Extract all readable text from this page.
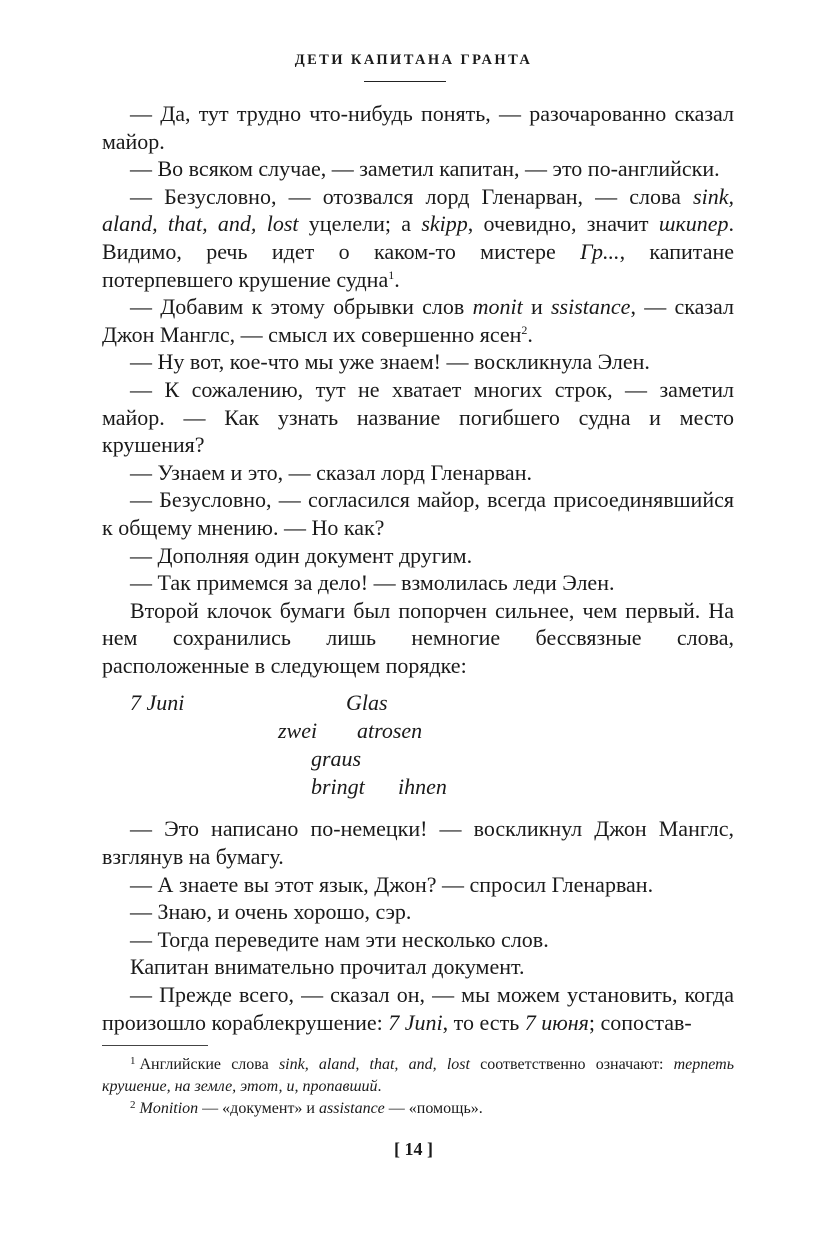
ДЕТИ КАПИТАНА ГРАНТА

— Да, тут трудно что-нибудь понять, — разочарованно сказал майор.

— Во всяком случае, — заметил капитан, — это по-английски.

— Безусловно, — отозвался лорд Гленарван, — слова sink, aland, that, and, lost уцелели; а skipp, очевидно, значит шкипер. Видимо, речь идет о каком-то мистере Гр..., капитане потерпевшего крушение судна$^1$.

— Добавим к этому обрывки слов monit и ssistance, — сказал Джон Манглс, — смысл их совершенно ясен$^2$.

— Ну вот, кое-что мы уже знаем! — воскликнула Элен.

— К сожалению, тут не хватает многих строк, — заметил майор. — Как узнать название погибшего судна и место крушения?

— Узнаем и это, — сказал лорд Гленарван.

— Безусловно, — согласился майор, всегда присоединявшийся к общему мнению. — Но как?

— Дополняя один документ другим.

— Так примемся за дело! — взмолилась леди Элен.

Второй клочок бумаги был попорчен сильнее, чем первый. На нем сохранились лишь немногие бессвязные слова, расположенные в следующем порядке:

7 Juni	Glas
zwei atrosen
graus
bringt ihnen

— Это написано по-немецки! — воскликнул Джон Манглс, взглянув на бумагу.

— А знаете вы этот язык, Джон? — спросил Гленарван.

— Знаю, и очень хорошо, сэр.

— Тогда переведите нам эти несколько слов.

Капитан внимательно прочитал документ.

— Прежде всего, — сказал он, — мы можем установить, когда произошло кораблекрушение: 7 Juni, то есть 7 июня; сопостав-

$^1$ Английские слова sink, aland, that, and, lost соответственно означают: терпеть крушение, на земле, этот, и, пропавший.

$^2$ Monition — «документ» и assistance — «помощь».

[ 14 ]
